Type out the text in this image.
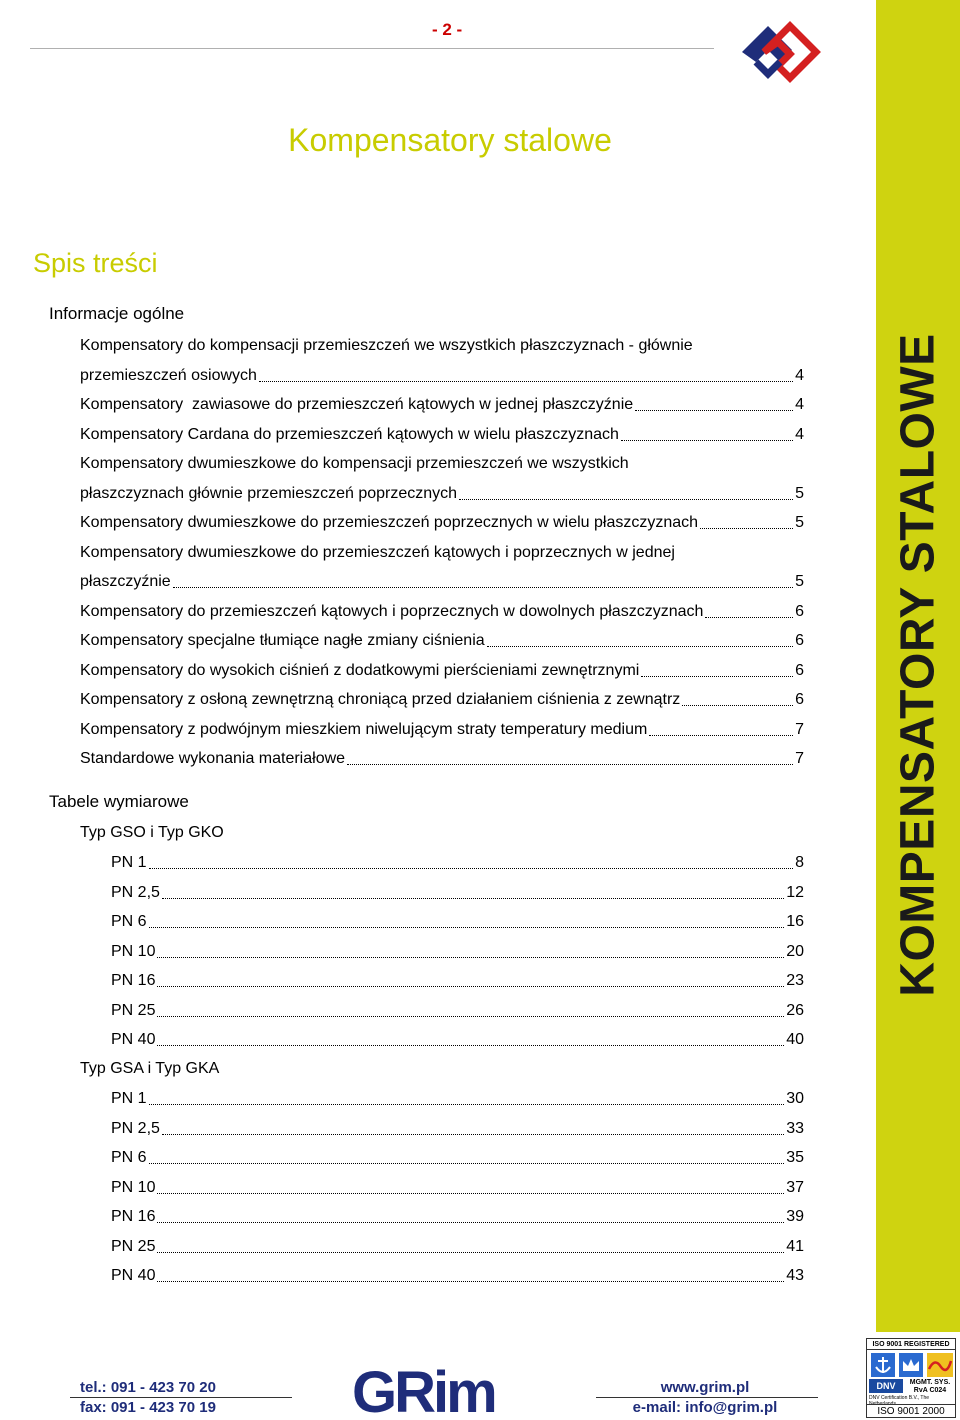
- 2 -
KOMPENSATORY STALOWE
Kompensatory stalowe
Spis treści
Informacje ogólne
Kompensatory do kompensacji przemieszczeń we wszystkich płaszczyznach - głównie
przemieszczeń osiowych	4
Kompensatory  zawiasowe do przemieszczeń kątowych w jednej płaszczyźnie	4
Kompensatory Cardana do przemieszczeń kątowych w wielu płaszczyznach	4
Kompensatory dwumieszkowe do kompensacji przemieszczeń we wszystkich
płaszczyznach głównie przemieszczeń poprzecznych	5
Kompensatory dwumieszkowe do przemieszczeń poprzecznych w wielu płaszczyznach	5
Kompensatory dwumieszkowe do przemieszczeń kątowych i poprzecznych w jednej
płaszczyźnie	5
Kompensatory do przemieszczeń kątowych i poprzecznych w dowolnych płaszczyznach	6
Kompensatory specjalne tłumiące nagłe zmiany ciśnienia	6
Kompensatory do wysokich ciśnień z dodatkowymi pierścieniami zewnętrznymi	6
Kompensatory z osłoną zewnętrzną chroniącą przed działaniem ciśnienia z zewnątrz	6
Kompensatory z podwójnym mieszkiem niwelującym straty temperatury medium	7
Standardowe wykonania materiałowe	7
Tabele wymiarowe
Typ GSO i Typ GKO
PN 1	8
PN 2,5	12
PN 6	16
PN 10	20
PN 16	23
PN 25	26
PN 40	40
Typ GSA i Typ GKA
PN 1	30
PN 2,5	33
PN 6	35
PN 10	37
PN 16	39
PN 25	41
PN 40	43
tel.: 091 - 423 70 20
fax: 091 - 423 70 19 GRim	www.grim.pl
e-mail: info@grim.pl
ISO 9001 REGISTERED
DNV	MGMT. SYS. RvA C024
DNV Certification B.V., The Netherlands
ISO 9001 2000
